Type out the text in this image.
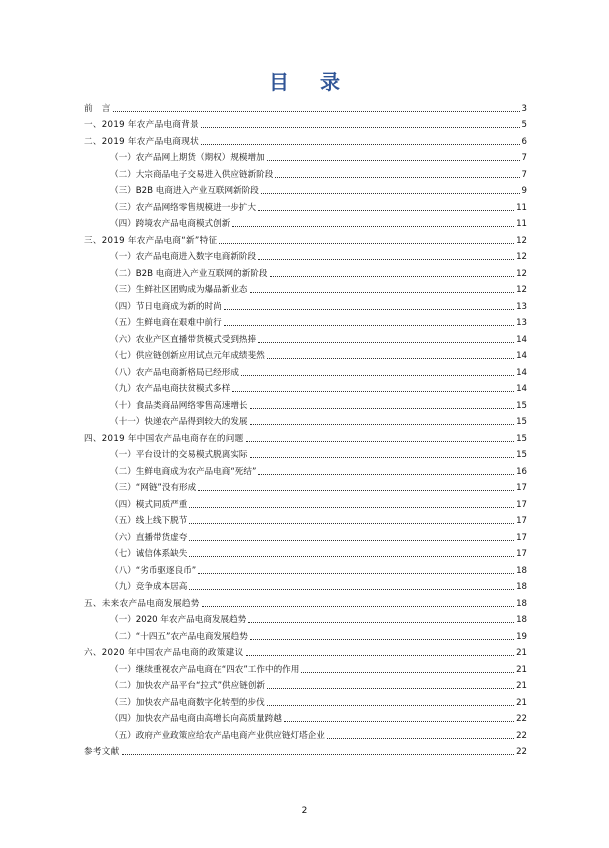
目 录
前　言	3
一、2019 年农产品电商背景	5
二、2019 年农产品电商现状	6
（一）农产品网上期货（期权）规模增加	7
（二）大宗商品电子交易进入供应链新阶段	7
（三）B2B 电商进入产业互联网新阶段	9
（三）农产品网络零售规模进一步扩大	11
（四）跨境农产品电商模式创新	11
三、2019 年农产品电商“新”特征	12
（一）农产品电商进入数字电商新阶段	12
（二）B2B 电商进入产业互联网的新阶段	12
（三）生鲜社区团购成为爆品新业态	12
（四）节日电商成为新的时尚	13
（五）生鲜电商在艰难中前行	13
（六）农业产区直播带货模式受到热捧	14
（七）供应链创新应用试点元年成绩斐然	14
（八）农产品电商新格局已经形成	14
（九）农产品电商扶贫模式多样	14
（十）食品类商品网络零售高速增长	15
（十一）快递农产品得到较大的发展	15
四、2019 年中国农产品电商存在的问题	15
（一）平台设计的交易模式脱离实际	15
（二）生鲜电商成为农产品电商“死结”	16
（三）“网链”没有形成	17
（四）模式同质严重	17
（五）线上线下脱节	17
（六）直播带货虚夸	17
（七）诚信体系缺失	17
（八）“劣币驱逐良币”	18
（九）竞争成本居高	18
五、未来农产品电商发展趋势	18
（一）2020 年农产品电商发展趋势	18
（二）“十四五”农产品电商发展趋势	19
六、2020 年中国农产品电商的政策建议	21
（一）继续重视农产品电商在“四农”工作中的作用	21
（二）加快农产品平台“拉式”供应链创新	21
（三）加快农产品电商数字化转型的步伐	21
（四）加快农产品电商由高增长向高质量跨越	22
（五）政府产业政策应给农产品电商产业供应链灯塔企业	22
参考文献	22
2
